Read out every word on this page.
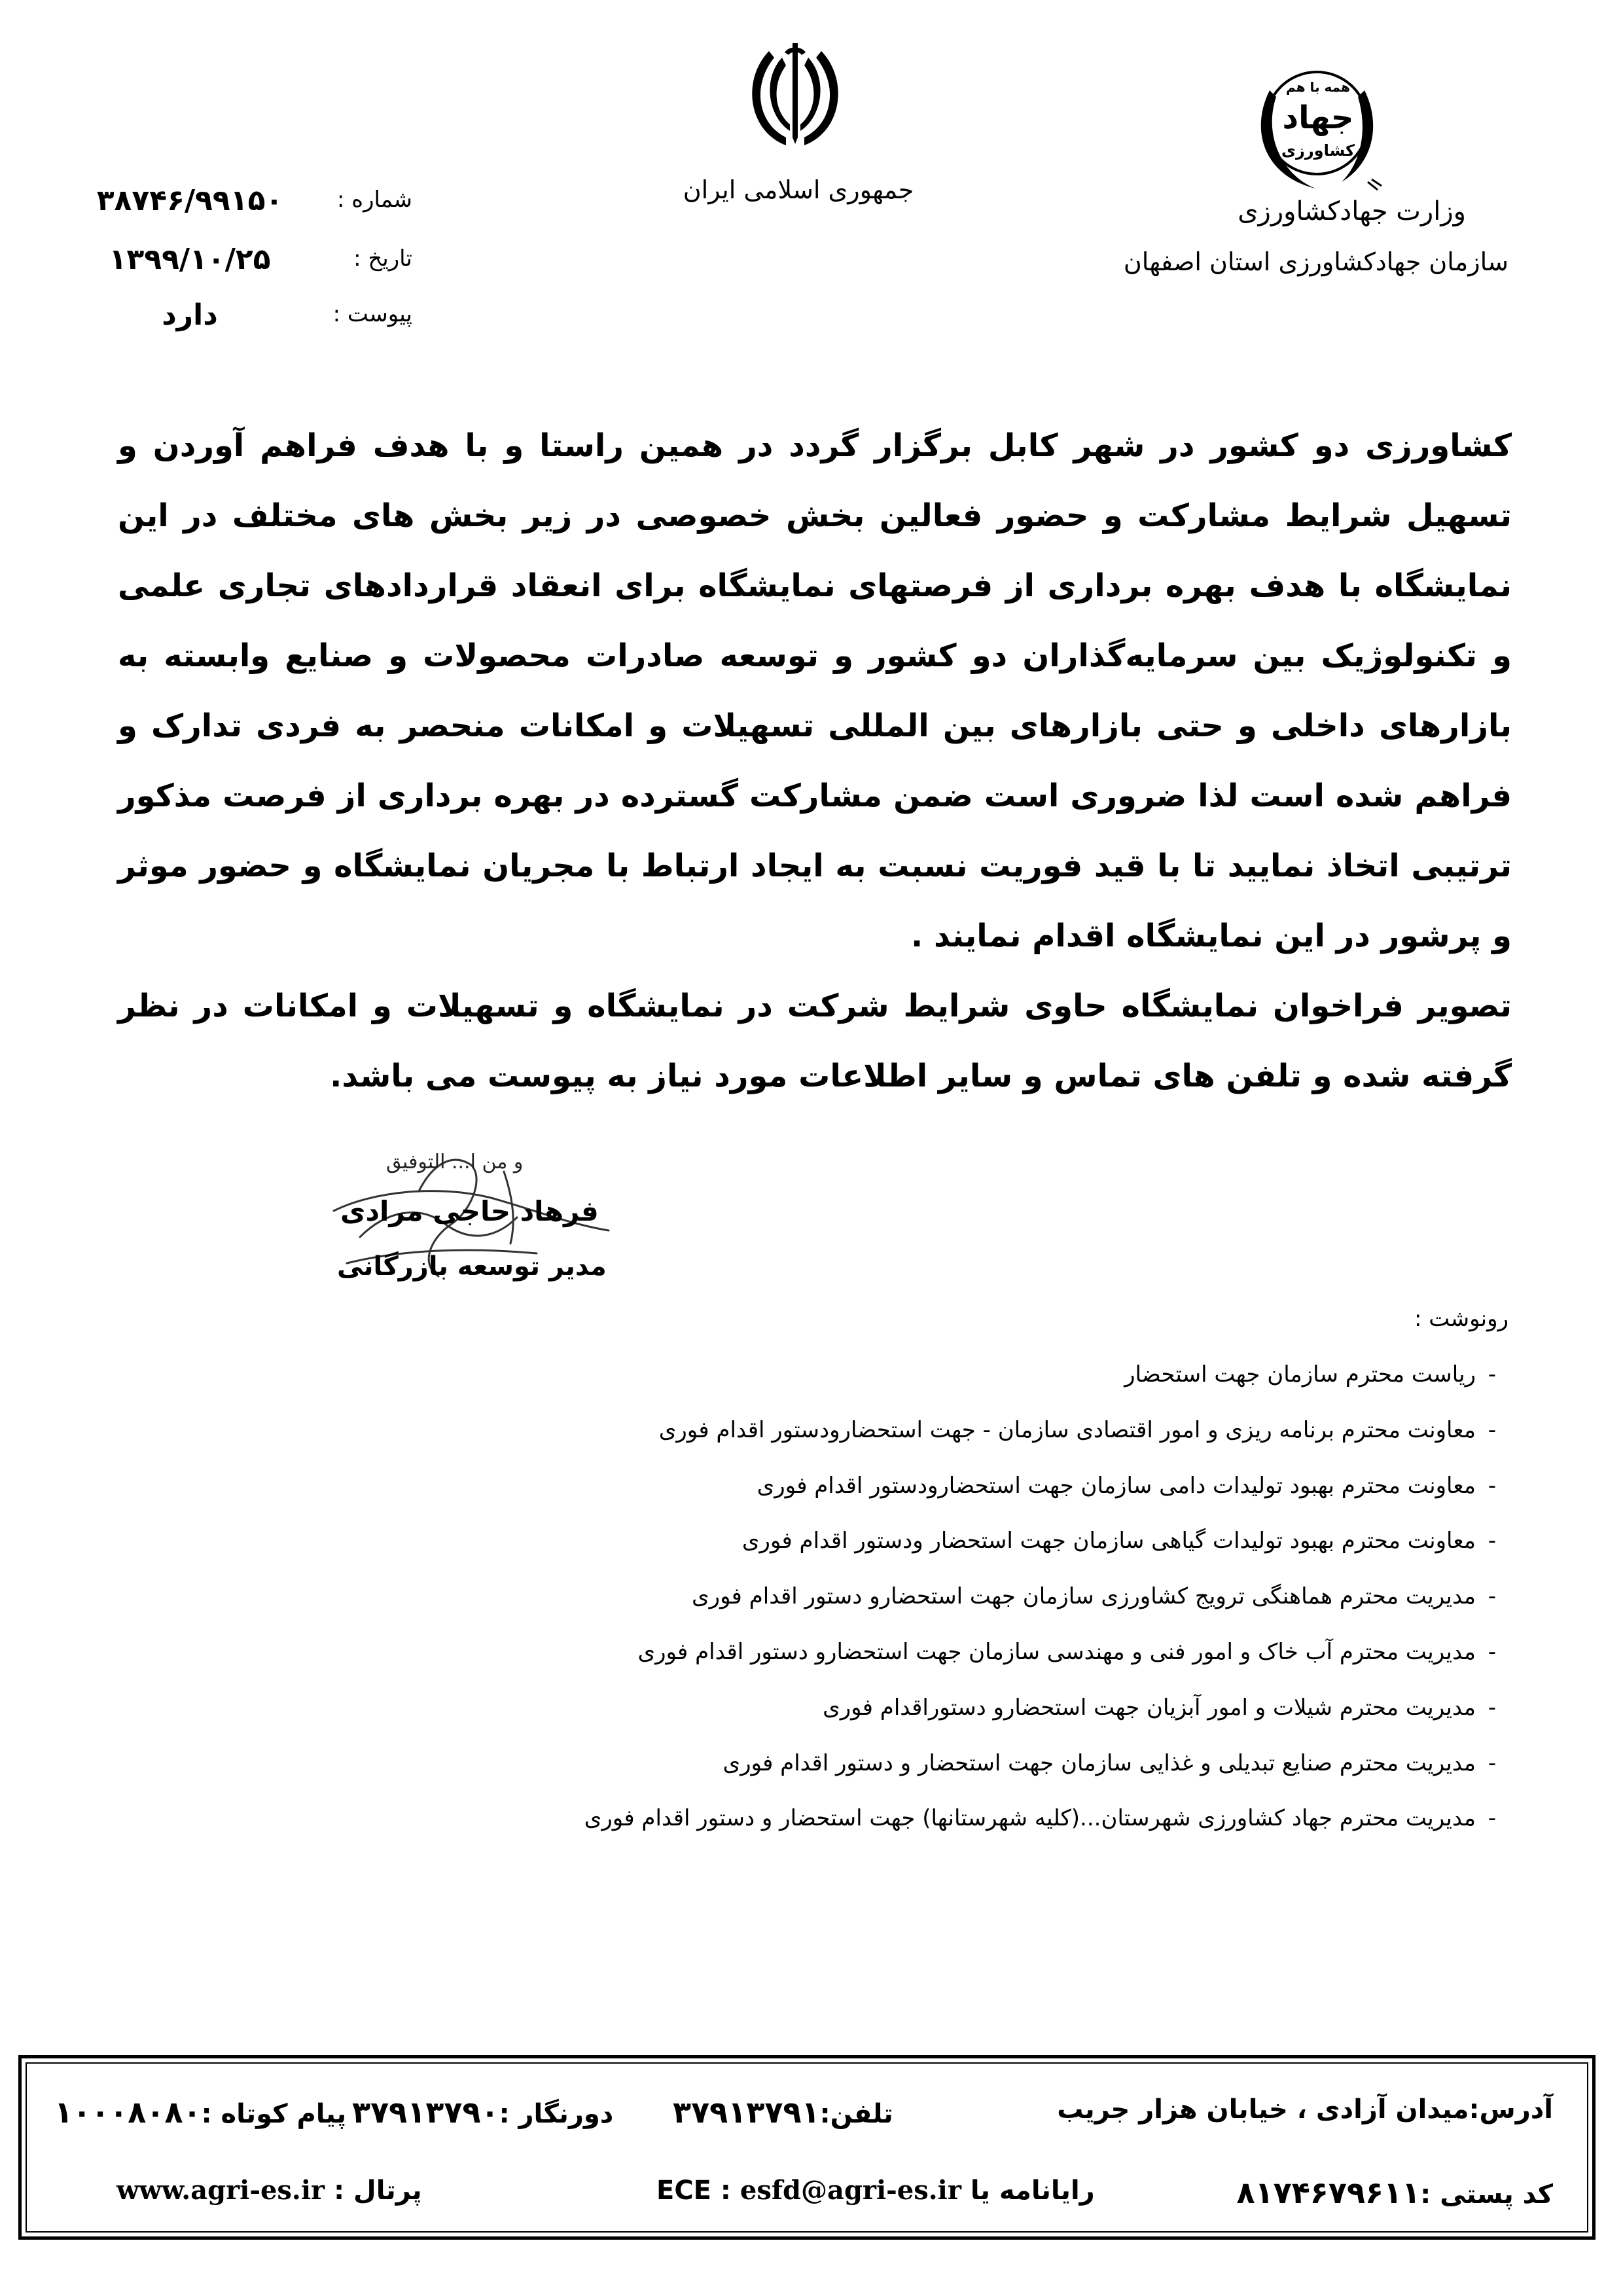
شماره :
۳۸۷۴۶/۹۹۱۵۰
تاریخ :
۱۳۹۹/۱۰/۲۵
پیوست :
دارد
جمهوری اسلامی ایران
همه با هم
جهاد
کشاورزی
وزارت جهادکشاورزی
سازمان جهادکشاورزی استان اصفهان

کشاورزی دو کشور در شهر کابل برگزار گردد در همین راستا و با هدف فراهم آوردن و تسهیل شرایط مشارکت و حضور فعالین بخش خصوصی در زیر بخش های مختلف در این نمایشگاه با هدف بهره برداری از فرصتهای نمایشگاه برای انعقاد قراردادهای تجاری علمی و تکنولوژیک بین سرمایه‌گذاران دو کشور و توسعه صادرات محصولات و صنایع وابسته به بازارهای داخلی و حتی بازارهای بین المللی تسهیلات و امکانات منحصر به فردی تدارک و فراهم شده است لذا ضروری است ضمن مشارکت گسترده در بهره برداری از فرصت مذکور ترتیبی اتخاذ نمایید تا با قید فوریت نسبت به ایجاد ارتباط با مجریان نمایشگاه و حضور موثر و پرشور در این نمایشگاه اقدام نمایند .

تصویر فراخوان نمایشگاه حاوی شرایط شرکت در نمایشگاه و تسهیلات و امکانات در نظر گرفته شده و تلفن های تماس و سایر اطلاعات مورد نیاز به پیوست می باشد.

و من ا... التوفیق
فرهاد حاجی مرادی
مدیر توسعه بازرگانی
رونوشت :
-ریاست محترم سازمان جهت استحضار
-معاونت محترم برنامه ریزی و امور اقتصادی سازمان - جهت استحضارودستور اقدام فوری
-معاونت محترم بهبود تولیدات دامی سازمان جهت استحضارودستور اقدام فوری
-معاونت محترم بهبود تولیدات گیاهی سازمان جهت استحضار ودستور اقدام فوری
-مدیریت محترم هماهنگی ترویج کشاورزی سازمان جهت استحضارو دستور اقدام فوری
-مدیریت محترم آب خاک و امور فنی و مهندسی سازمان جهت استحضارو دستور اقدام فوری
-مدیریت محترم شیلات و امور آبزیان جهت استحضارو دستوراقدام فوری
-مدیریت محترم صنایع تبدیلی و غذایی سازمان جهت استحضار و دستور اقدام فوری
-مدیریت محترم جهاد کشاورزی شهرستان...(کلیه شهرستانها) جهت استحضار و دستور اقدام فوری
آدرس:میدان آزادی ، خیابان هزار جریب
تلفن:۳۷۹۱۳۷۹۱
دورنگار :۳۷۹۱۳۷۹۰
پیام کوتاه :۱۰۰۰۸۰۸۰
کد پستی :۸۱۷۴۶۷۹۶۱۱
رایانامه یا ECE : esfd@agri-es.ir
پرتال : www.agri-es.ir
